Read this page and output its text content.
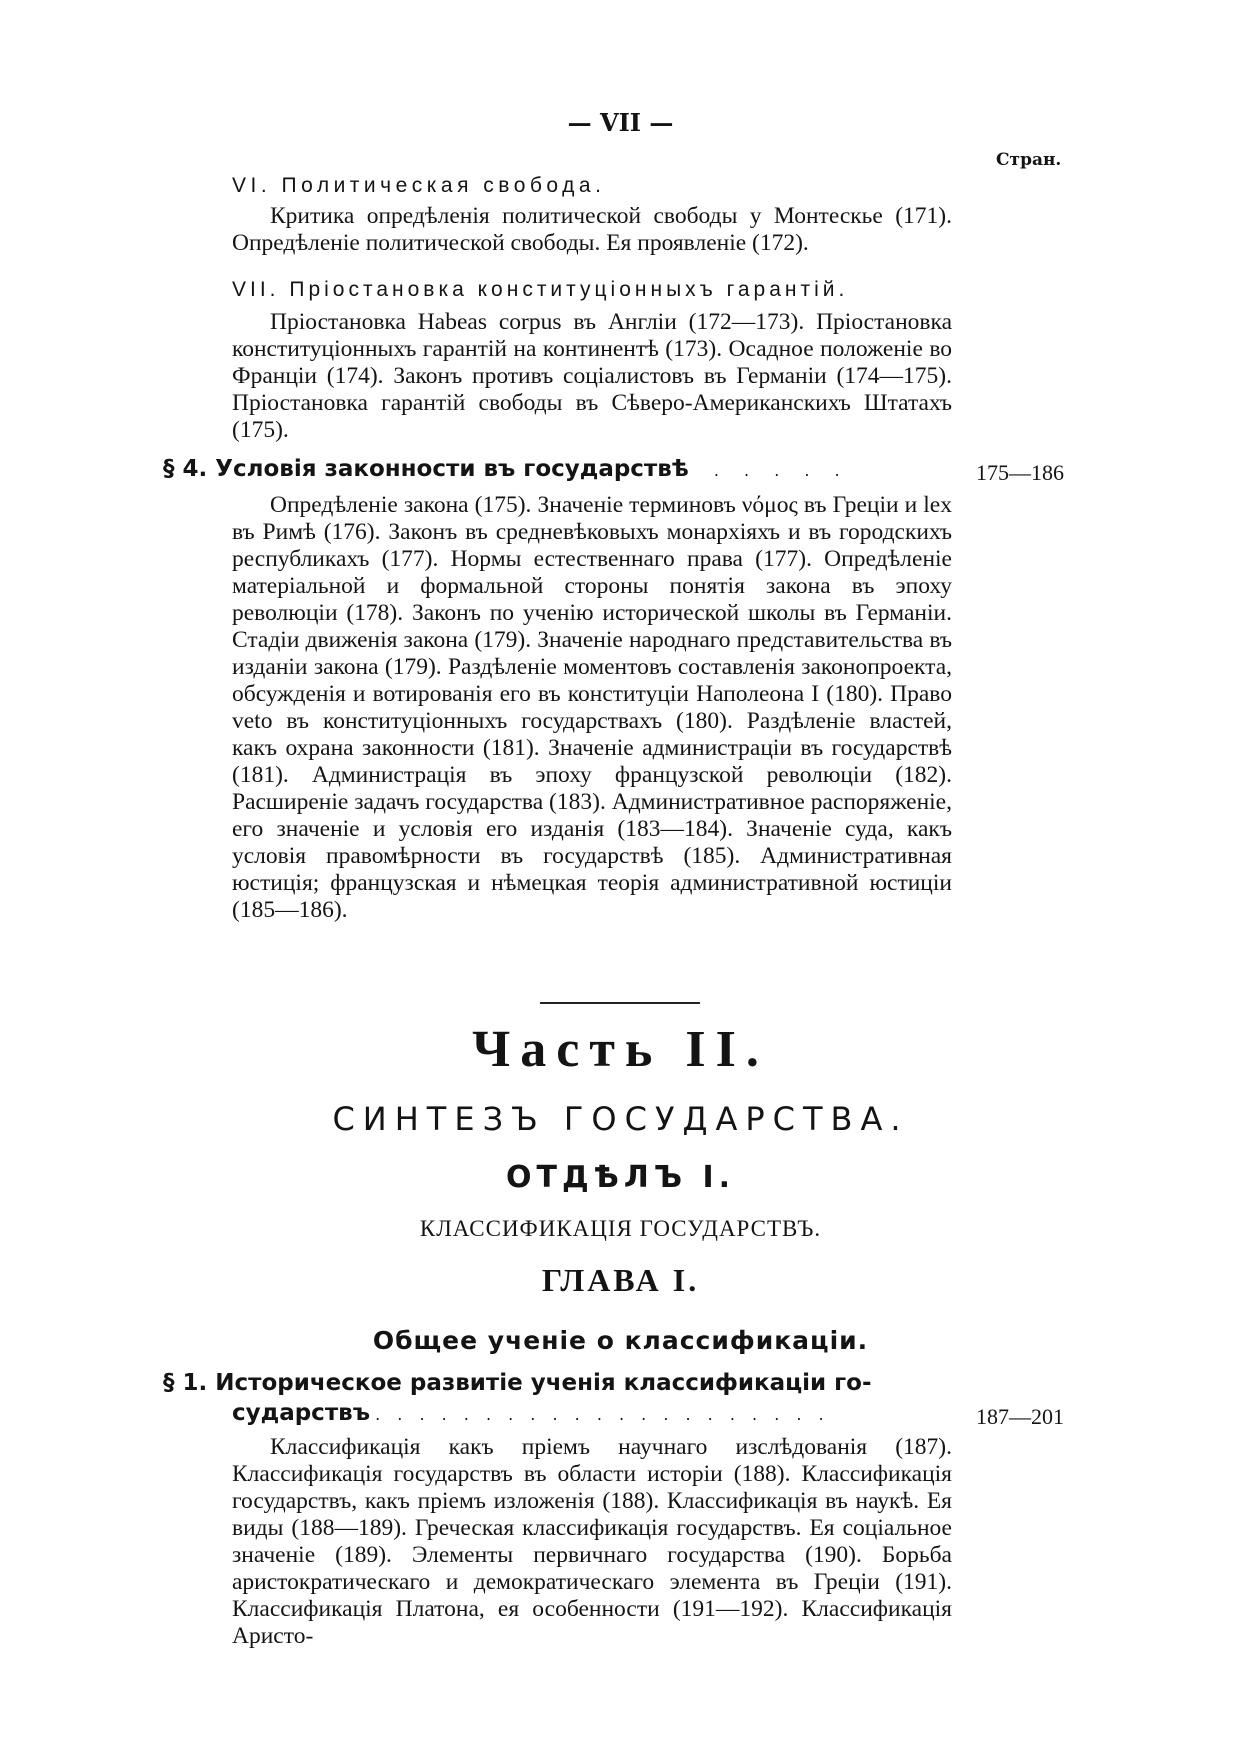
— VII —
Стран.
VI. Политическая свобода.
Критика опредѣленія политической свободы у Монтескье (171). Опредѣленіе политической свободы. Ея проявленіе (172).
VII. Пріостановка конституціонныхъ гарантій.
Пріостановка Habeas corpus въ Англіи (172—173). Пріостановка конституціонныхъ гарантій на континентѣ (173). Осадное положеніе во Франціи (174). Законъ противъ соціалистовъ въ Германіи (174—175). Пріостановка гарантій свободы въ Сѣверо-Американскихъ Штатахъ (175).
§ 4. Условія законности въ государствѣ . . . . .	175—186
Опредѣленіе закона (175). Значеніе терминовъ νόμος въ Греціи и lex въ Римѣ (176). Законъ въ средневѣковыхъ монархіяхъ и въ городскихъ республикахъ (177). Нормы естественнаго права (177). Опредѣленіе матеріальной и формальной стороны понятія закона въ эпоху революціи (178). Законъ по ученію исторической школы въ Германіи. Стадіи движенія закона (179). Значеніе народнаго представительства въ изданіи закона (179). Раздѣленіе моментовъ составленія законопроекта, обсужденія и вотированія его въ конституціи Наполеона I (180). Право veto въ конституціонныхъ государствахъ (180). Раздѣленіе властей, какъ охрана законности (181). Значеніе администраціи въ государствѣ (181). Администрація въ эпоху французской революціи (182). Расширеніе задачъ государства (183). Административное распоряженіе, его значеніе и условія его изданія (183—184). Значеніе суда, какъ условія правомѣрности въ государствѣ (185). Административная юстиція; французская и нѣмецкая теорія административной юстиціи (185—186).
Часть II.
СИНТЕЗЪ ГОСУДАРСТВА.
ОТДѢЛЪ I.
КЛАССИФИКАЦІЯ ГОСУДАРСТВЪ.
ГЛАВА I.
Общее ученіе о классификаціи.
§ 1. Историческое развитіе ученія классификаціи го-
сударствъ . . . . . . . . . . . . . . . . . . . . .	187—201
Классификація какъ пріемъ научнаго изслѣдованія (187). Классификація государствъ въ области исторіи (188). Классификація государствъ, какъ пріемъ изложенія (188). Классификація въ наукѣ. Ея виды (188—189). Греческая классификація государствъ. Ея соціальное значеніе (189). Элементы первичнаго государства (190). Борьба аристократическаго и демократическаго элемента въ Греціи (191). Классификація Платона, ея особенности (191—192). Классификація Аристо-
